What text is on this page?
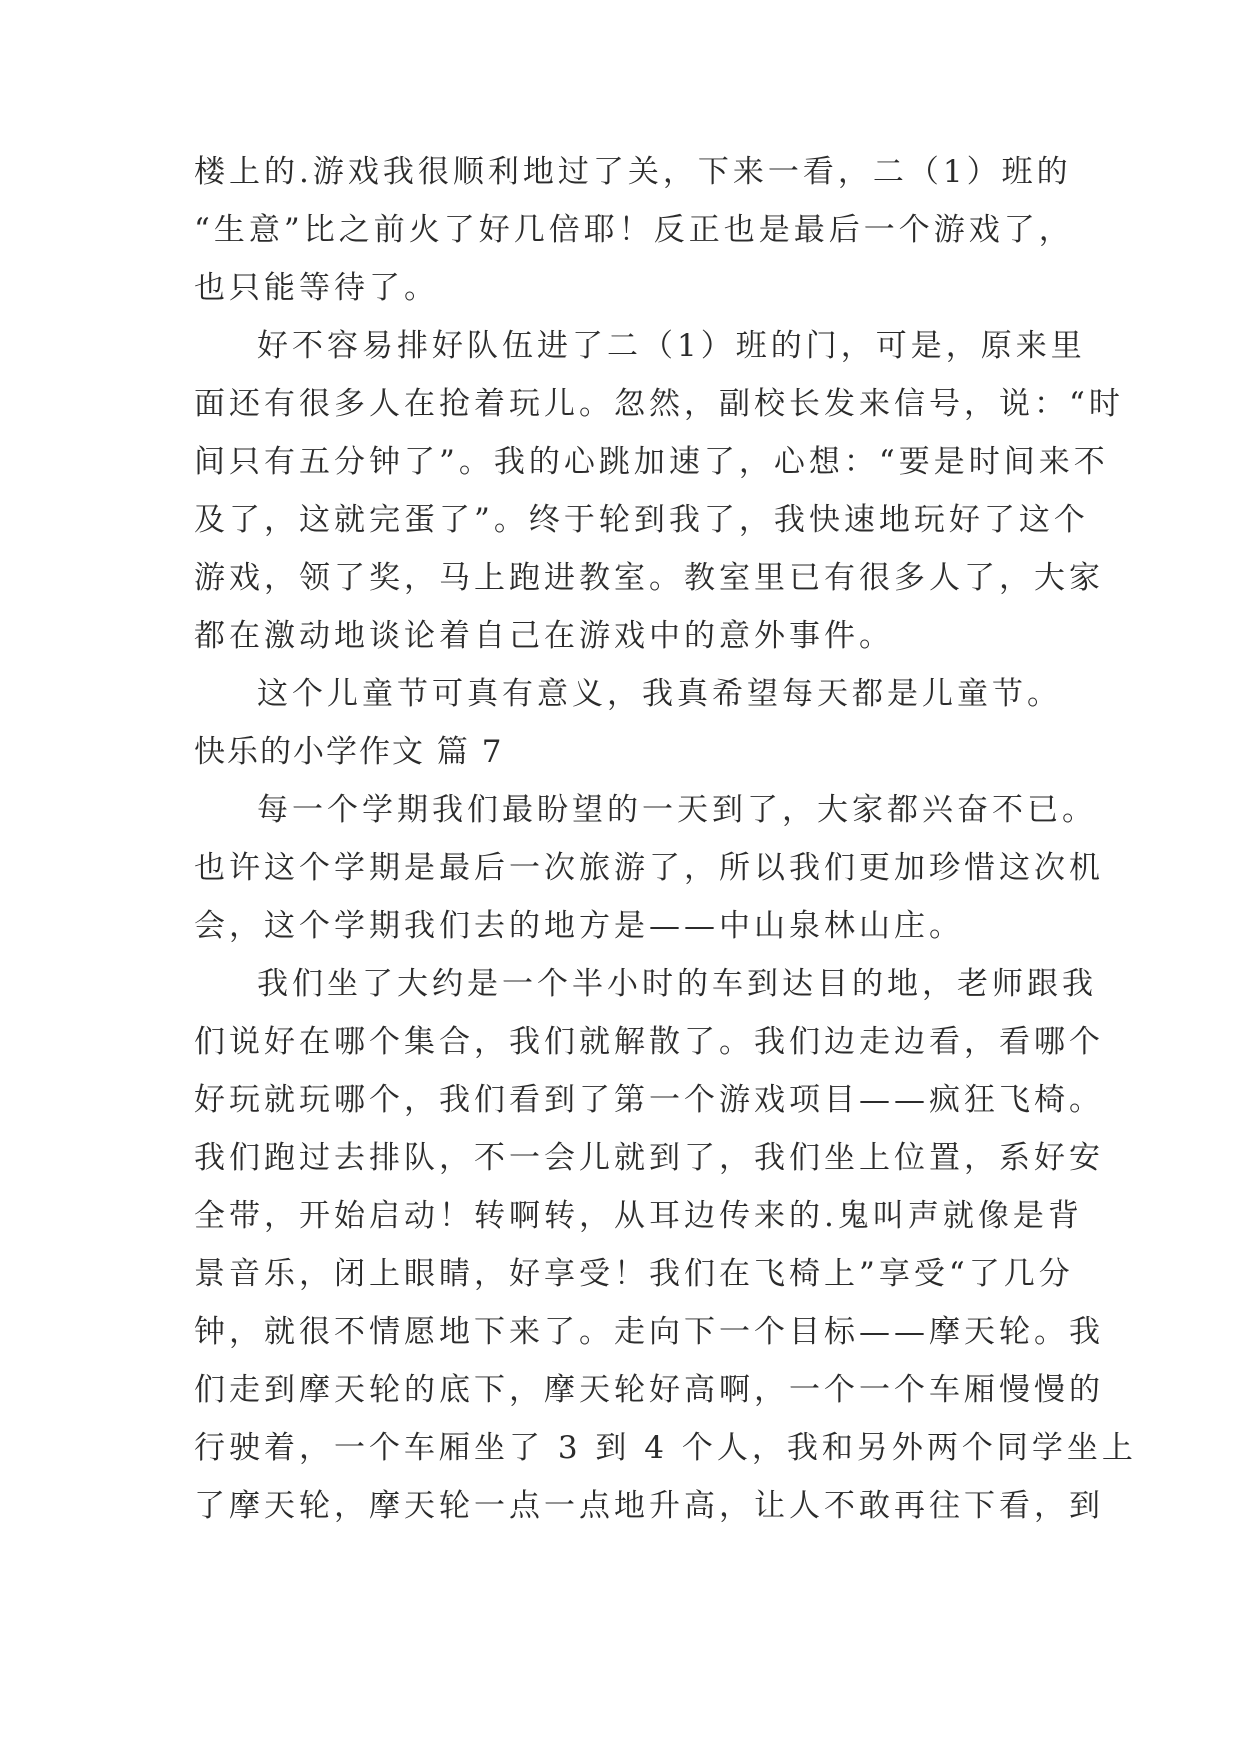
楼上的.游戏我很顺利地过了关，下来一看，二（1）班的
“生意”比之前火了好几倍耶！反正也是最后一个游戏了，
也只能等待了。
好不容易排好队伍进了二（1）班的门，可是，原来里
面还有很多人在抢着玩儿。忽然，副校长发来信号，说：“时
间只有五分钟了”。我的心跳加速了，心想：“要是时间来不
及了，这就完蛋了”。终于轮到我了，我快速地玩好了这个
游戏，领了奖，马上跑进教室。教室里已有很多人了，大家
都在激动地谈论着自己在游戏中的意外事件。
这个儿童节可真有意义，我真希望每天都是儿童节。
快乐的小学作文 篇 7
每一个学期我们最盼望的一天到了，大家都兴奋不已。
也许这个学期是最后一次旅游了，所以我们更加珍惜这次机
会，这个学期我们去的地方是——中山泉林山庄。
我们坐了大约是一个半小时的车到达目的地，老师跟我
们说好在哪个集合，我们就解散了。我们边走边看，看哪个
好玩就玩哪个，我们看到了第一个游戏项目——疯狂飞椅。
我们跑过去排队，不一会儿就到了，我们坐上位置，系好安
全带，开始启动！转啊转，从耳边传来的.鬼叫声就像是背
景音乐，闭上眼睛，好享受！我们在飞椅上”享受“了几分
钟，就很不情愿地下来了。走向下一个目标——摩天轮。我
们走到摩天轮的底下，摩天轮好高啊，一个一个车厢慢慢的
行驶着，一个车厢坐了 3 到 4 个人，我和另外两个同学坐上
了摩天轮，摩天轮一点一点地升高，让人不敢再往下看，到
